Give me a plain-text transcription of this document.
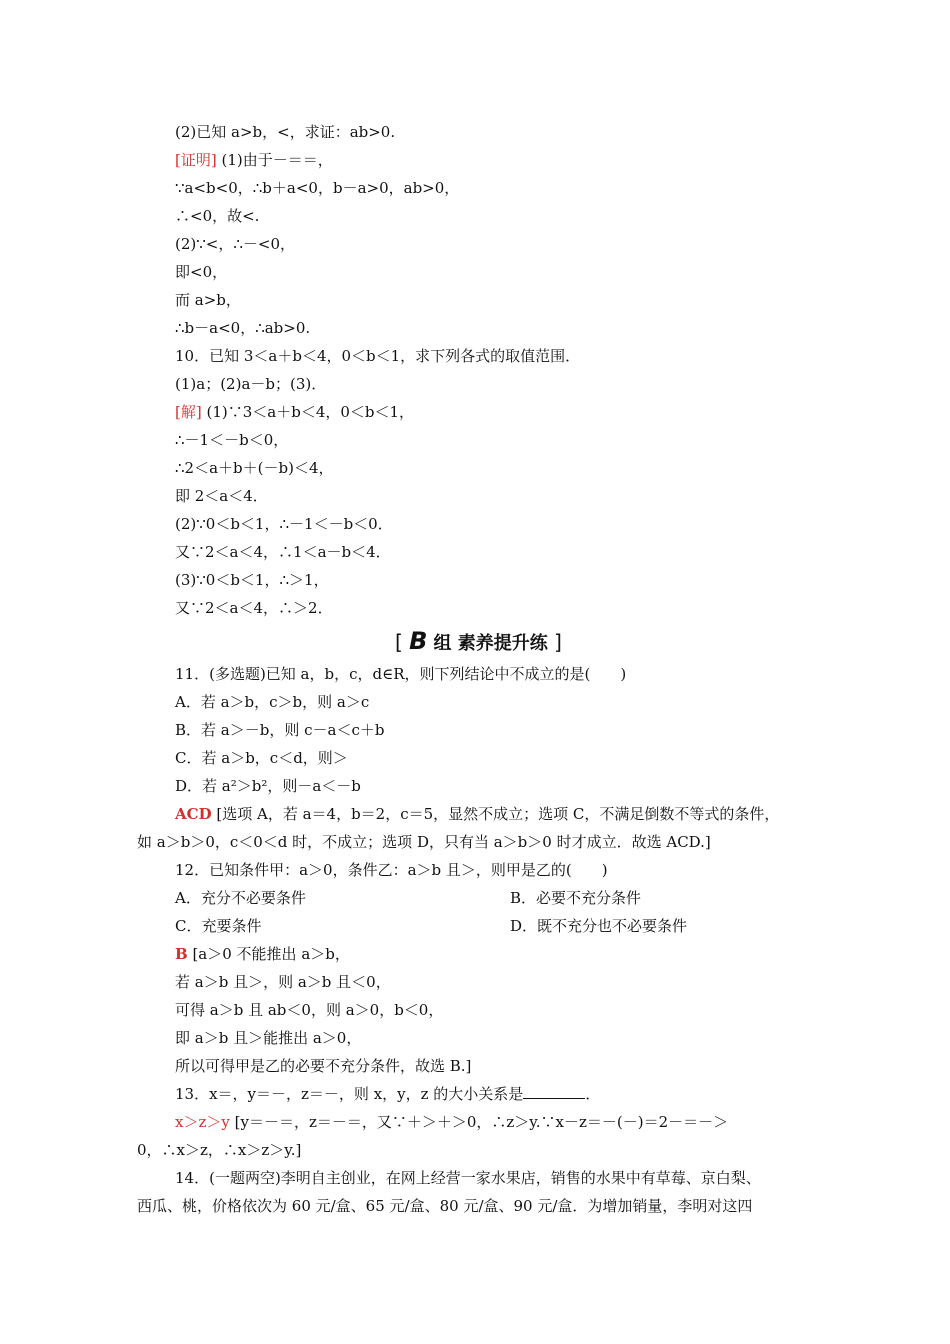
(2)已知 a>b，<，求证：ab>0.
[证明] (1)由于－＝＝，
∵a<b<0，∴b＋a<0，b－a>0，ab>0，
∴<0，故<.
(2)∵<，∴－<0，
即<0，
而 a>b，
∴b－a<0，∴ab>0.
10．已知 3＜a＋b＜4，0＜b＜1，求下列各式的取值范围．
(1)a；(2)a－b；(3)．
[解] (1)∵3＜a＋b＜4，0＜b＜1，
∴－1＜－b＜0，
∴2＜a＋b＋(－b)＜4，
即 2＜a＜4．
(2)∵0＜b＜1，∴－1＜－b＜0．
又∵2＜a＜4，∴1＜a－b＜4．
(3)∵0＜b＜1，∴＞1，
又∵2＜a＜4，∴＞2．
[ B 组 素养提升练 ]
11．(多选题)已知 a，b，c，d∈R，则下列结论中不成立的是(　　)
A．若 a＞b，c＞b，则 a＞c
B．若 a＞－b，则 c－a＜c＋b
C．若 a＞b，c＜d，则＞
D．若 a²＞b²，则－a＜－b
ACD [选项 A，若 a＝4，b＝2，c＝5，显然不成立；选项 C，不满足倒数不等式的条件，
如 a＞b＞0，c＜0＜d 时，不成立；选项 D，只有当 a＞b＞0 时才成立．故选 ACD.]
12．已知条件甲：a＞0，条件乙：a＞b 且＞，则甲是乙的(　　)
A．充分不必要条件	B．必要不充分条件
C．充要条件	D．既不充分也不必要条件
B [a＞0 不能推出 a＞b，
若 a＞b 且＞，则 a＞b 且＜0，
可得 a＞b 且 ab＜0，则 a＞0，b＜0，
即 a＞b 且＞能推出 a＞0，
所以可得甲是乙的必要不充分条件，故选 B.]
13．x＝，y＝－，z＝－，则 x，y，z 的大小关系是	．
x＞z＞y [y＝－＝，z＝－＝，又∵＋＞＋＞0，∴z＞y.∵x－z＝－(－)＝2－＝－＞
0，∴x＞z，∴x＞z＞y.]
14．(一题两空)李明自主创业，在网上经营一家水果店，销售的水果中有草莓、京白梨、
西瓜、桃，价格依次为 60 元/盒、65 元/盒、80 元/盒、90 元/盒．为增加销量，李明对这四
